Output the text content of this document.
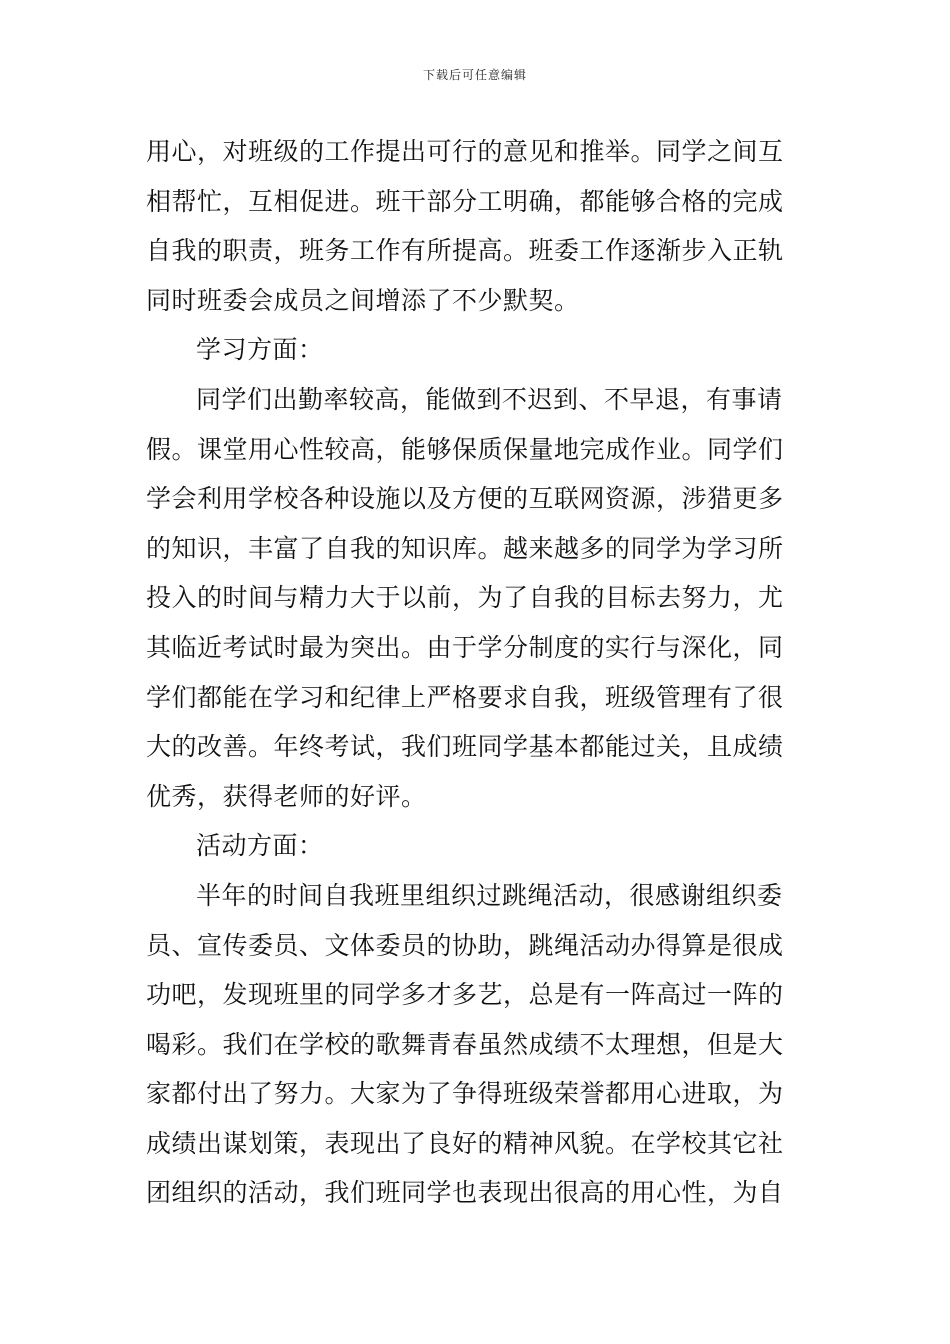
下载后可任意编辑
用心，对班级的工作提出可行的意见和推举。同学之间互
相帮忙，互相促进。班干部分工明确，都能够合格的完成
自我的职责，班务工作有所提高。班委工作逐渐步入正轨
同时班委会成员之间增添了不少默契。
学习方面：
同学们出勤率较高，能做到不迟到、不早退，有事请
假。课堂用心性较高，能够保质保量地完成作业。同学们
学会利用学校各种设施以及方便的互联网资源，涉猎更多
的知识，丰富了自我的知识库。越来越多的同学为学习所
投入的时间与精力大于以前，为了自我的目标去努力，尤
其临近考试时最为突出。由于学分制度的实行与深化，同
学们都能在学习和纪律上严格要求自我，班级管理有了很
大的改善。年终考试，我们班同学基本都能过关，且成绩
优秀，获得老师的好评。
活动方面：
半年的时间自我班里组织过跳绳活动，很感谢组织委
员、宣传委员、文体委员的协助，跳绳活动办得算是很成
功吧，发现班里的同学多才多艺，总是有一阵高过一阵的
喝彩。我们在学校的歌舞青春虽然成绩不太理想，但是大
家都付出了努力。大家为了争得班级荣誉都用心进取，为
成绩出谋划策，表现出了良好的精神风貌。在学校其它社
团组织的活动，我们班同学也表现出很高的用心性，为自
